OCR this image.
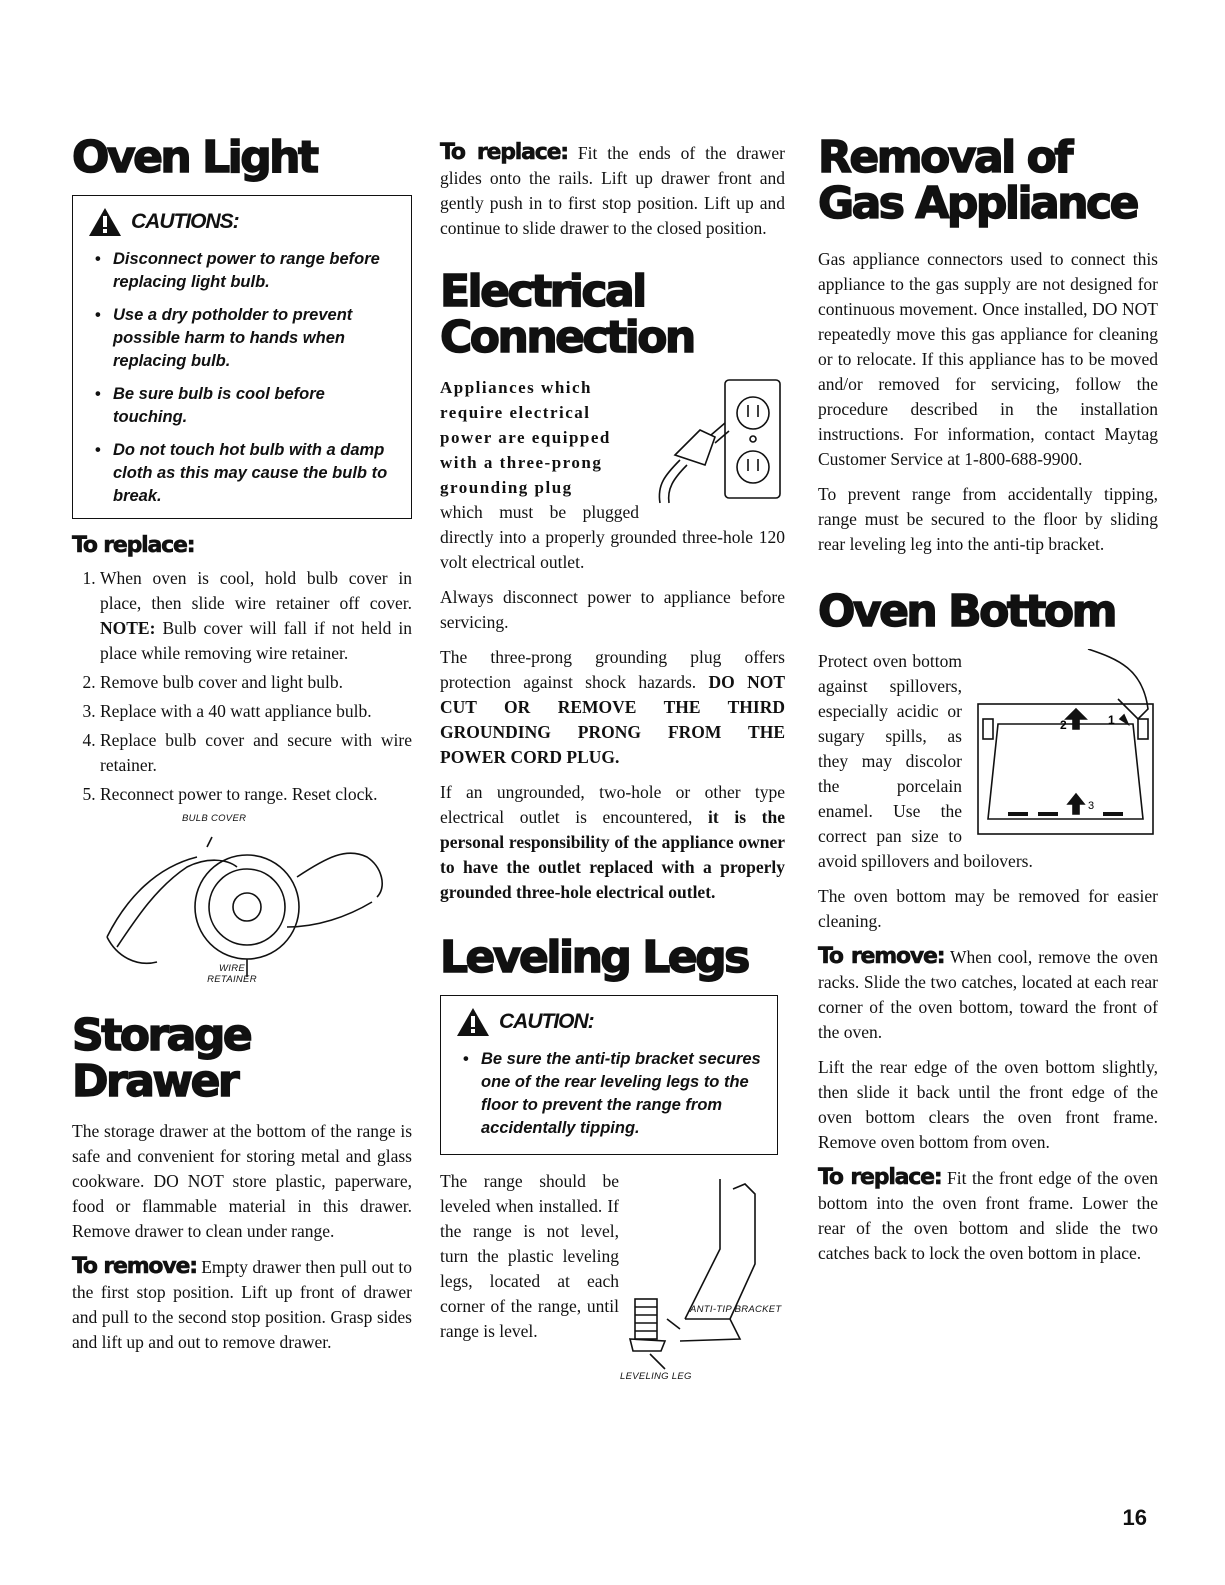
Oven Light
CAUTIONS:
• Disconnect power to range before replacing light bulb.
• Use a dry potholder to prevent possible harm to hands when replacing bulb.
• Be sure bulb is cool before touching.
• Do not touch hot bulb with a damp cloth as this may cause the bulb to break.
To replace:
1. When oven is cool, hold bulb cover in place, then slide wire retainer off cover. NOTE: Bulb cover will fall if not held in place while removing wire retainer.
2. Remove bulb cover and light bulb.
3. Replace with a 40 watt appliance bulb.
4. Replace bulb cover and secure with wire retainer.
5. Reconnect power to range. Reset clock.
BULB COVER
WIRE RETAINER
Storage Drawer

The storage drawer at the bottom of the range is safe and convenient for storing metal and glass cookware. DO NOT store plastic, paperware, food or flammable material in this drawer. Remove drawer to clean under range.

To remove: Empty drawer then pull out to the first stop position. Lift up front of drawer and pull to the second stop position. Grasp sides and lift up and out to remove drawer.

To replace: Fit the ends of the drawer glides onto the rails. Lift up drawer front and gently push in to first stop position. Lift up and continue to slide drawer to the closed position.

Electrical Connection

Appliances which require electrical power are equipped with a three-prong grounding plug

which must be plugged directly into a properly grounded three-hole 120 volt electrical outlet.

Always disconnect power to appliance before servicing.

The three-prong grounding plug offers protection against shock hazards. DO NOT CUT OR REMOVE THE THIRD GROUNDING PRONG FROM THE POWER CORD PLUG.

If an ungrounded, two-hole or other type electrical outlet is encountered, it is the personal responsibility of the appliance owner to have the outlet replaced with a properly grounded three-hole electrical outlet.

Leveling Legs
CAUTION:
• Be sure the anti-tip bracket secures one of the rear leveling legs to the floor to prevent the range from accidentally tipping.

The range should be leveled when installed. If the range is not level, turn the plastic leveling legs, located at each corner of the range, until range is level.

ANTI-TIP BRACKET
LEVELING LEG
Removal of Gas Appliance

Gas appliance connectors used to connect this appliance to the gas supply are not designed for continuous movement. Once installed, DO NOT repeatedly move this gas appliance for cleaning or to relocate. If this appliance has to be moved and/or removed for servicing, follow the procedure described in the installation instructions. For information, contact Maytag Customer Service at 1-800-688-9900.

To prevent range from accidentally tipping, range must be secured to the floor by sliding rear leveling leg into the anti-tip bracket.

Oven Bottom
2	1
3

Protect oven bottom against spillovers, especially acidic or sugary spills, as they may discolor the porcelain enamel. Use the correct pan size to avoid spillovers and boilovers.

The oven bottom may be removed for easier cleaning.

To remove: When cool, remove the oven racks. Slide the two catches, located at each rear corner of the oven bottom, toward the front of the oven.

Lift the rear edge of the oven bottom slightly, then slide it back until the front edge of the oven bottom clears the oven front frame. Remove oven bottom from oven.

To replace: Fit the front edge of the oven bottom into the oven front frame. Lower the rear of the oven bottom and slide the two catches back to lock the oven bottom in place.

16
